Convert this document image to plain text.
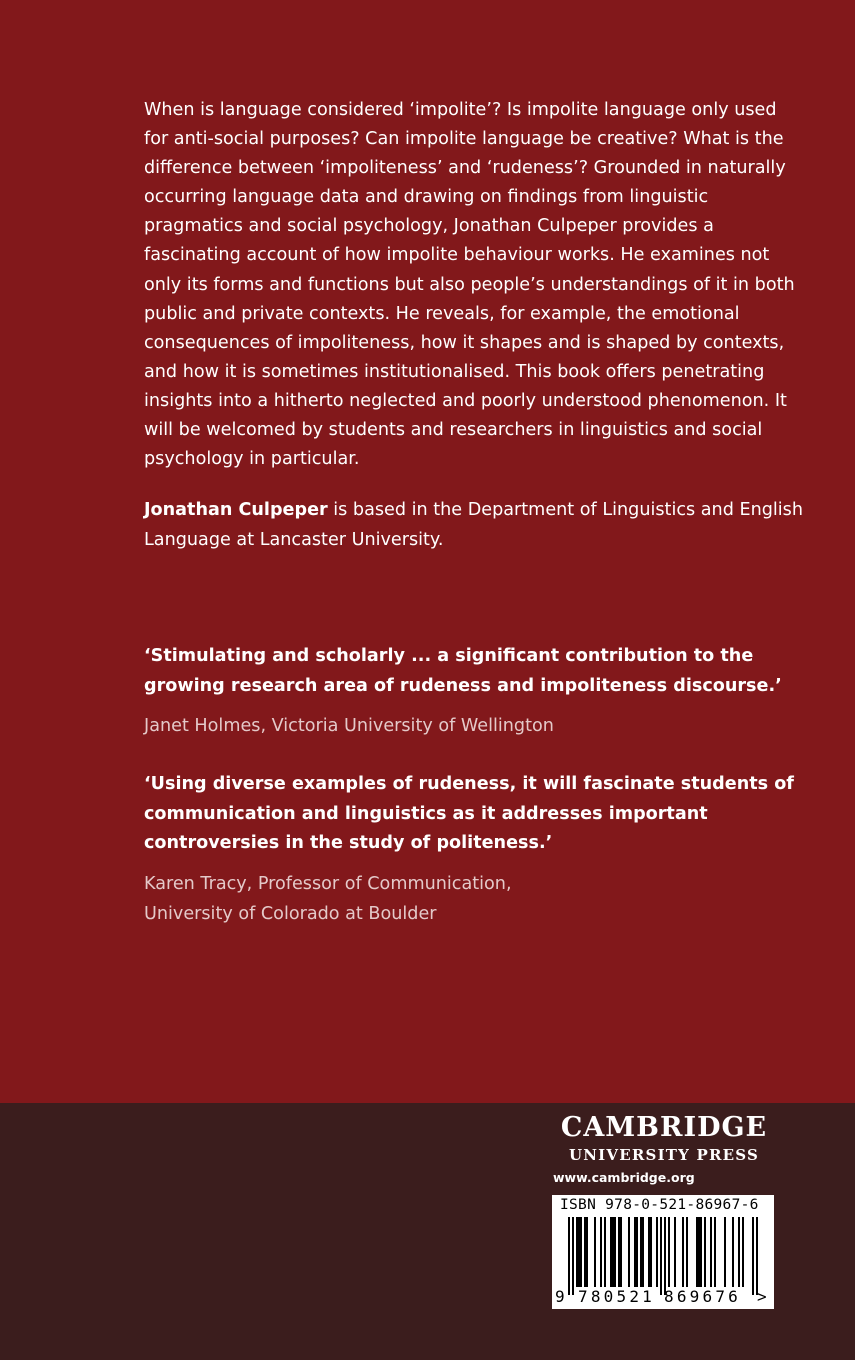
When is language considered ‘impolite’? Is impolite language only used for anti-social purposes? Can impolite language be creative? What is the difference between ‘impoliteness’ and ‘rudeness’? Grounded in naturally occurring language data and drawing on findings from linguistic pragmatics and social psychology, Jonathan Culpeper provides a fascinating account of how impolite behaviour works. He examines not only its forms and functions but also people’s understandings of it in both public and private contexts. He reveals, for example, the emotional consequences of impoliteness, how it shapes and is shaped by contexts, and how it is sometimes institutionalised. This book offers penetrating insights into a hitherto neglected and poorly understood phenomenon. It will be welcomed by students and researchers in linguistics and social psychology in particular.

Jonathan Culpeper is based in the Department of Linguistics and English Language at Lancaster University.

‘Stimulating and scholarly ... a significant contribution to the growing research area of rudeness and impoliteness discourse.’

Janet Holmes, Victoria University of Wellington

‘Using diverse examples of rudeness, it will fascinate students of communication and linguistics as it addresses important controversies in the study of politeness.’

Karen Tracy, Professor of Communication,
University of Colorado at Boulder

CAMBRIDGE
UNIVERSITY PRESS
www.cambridge.org
ISBN 978-0-521-86967-6
9 780521 869676 >
